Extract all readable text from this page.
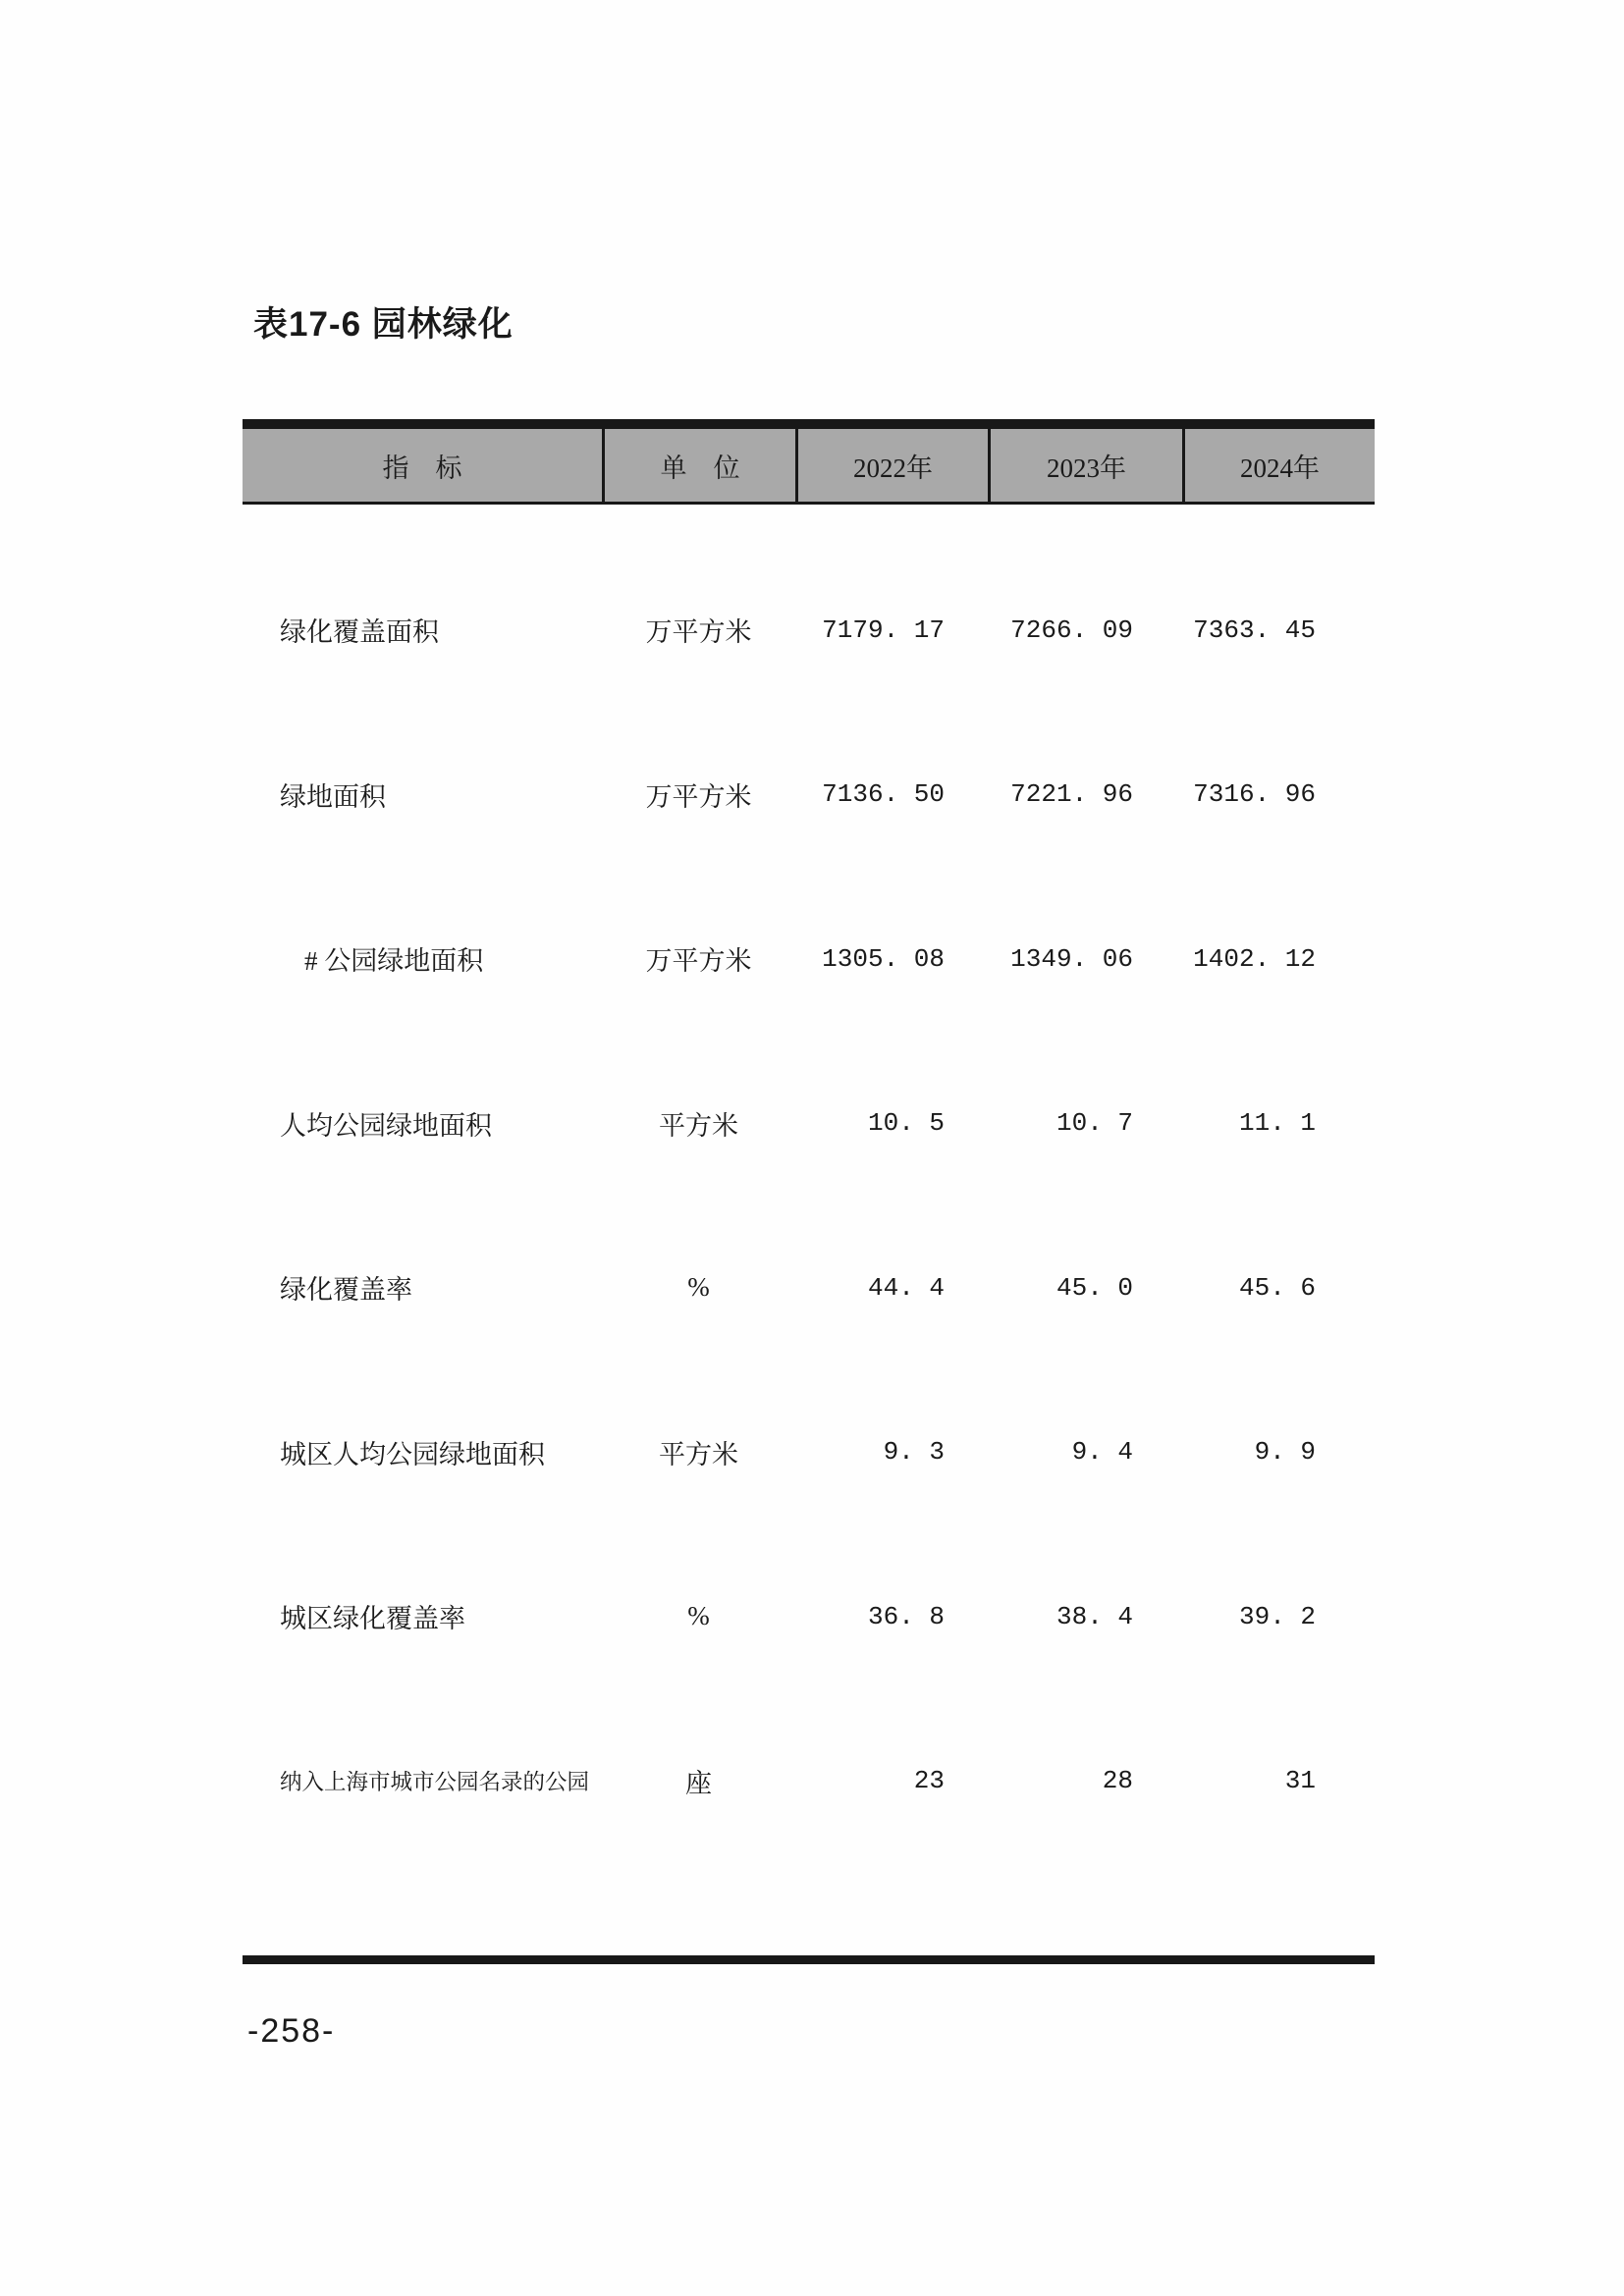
表17-6 园林绿化
指　标	单　位	2022年	2023年	2024年
绿化覆盖面积	万平方米	7179. 17	7266. 09	7363. 45
绿地面积	万平方米	7136. 50	7221. 96	7316. 96
# 公园绿地面积	万平方米	1305. 08	1349. 06	1402. 12
人均公园绿地面积	平方米	10. 5	10. 7	11. 1
绿化覆盖率	%	44. 4	45. 0	45. 6
城区人均公园绿地面积	平方米	9. 3	9. 4	9. 9
城区绿化覆盖率	%	36. 8	38. 4	39. 2
纳入上海市城市公园名录的公园	座	23	28	31
-258-
